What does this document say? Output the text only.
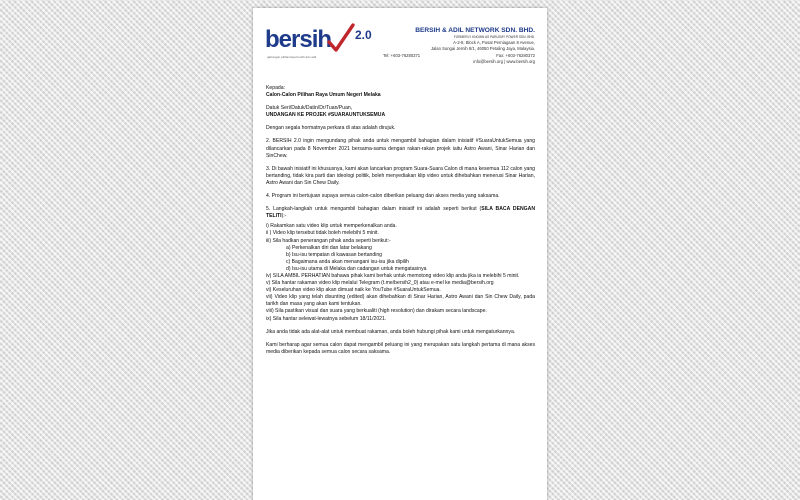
bersih 2.0
gabungan pilihanraya bersih dan adil
BERSIH & ADIL NETWORK SDN. BHD.
FORMERLY KNOWN AS PARLEMY POWER SDN. BHD.
A-2-8, Block A, Pusat Perniagaan 8 Avenue,
Jalan Sungai Jernih 8/1, 46050 Petaling Jaya, Malaysia.
Tel: +603-76280371	Fax: +603-76280372
info@bersih.org | www.bersih.org
Kepada:
Calon-Calon Pilihan Raya Umum Negeri Melaka
Datuk Seri/Datuk/Datin/Dr/Tuan/Puan,
UNDANGAN KE PROJEK #SUARAUNTUKSEMUA
Dengan segala hormatnya perkara di atas adalah dirujuk.
2. BERSIH 2.0 ingin mengundang pihak anda untuk mengambil bahagian dalam inisiatif #SuaraUntukSemua yang dilancarkan pada 8 November 2021 bersama-sama dengan rakan-rakan projek iaitu Astro Awani, Sinar Harian dan SinChew.
3. Di bawah inisiatif ini khususnya, kami akan lancarkan program Suara-Suara Calon di mana kesemua 112 calon yang bertanding, tidak kira parti dan ideologi politik, boleh menyediakan klip video untuk dihebahkan menerusi Sinar Harian, Astro Awani dan Sin Chew Daily.
4. Program ini bertujuan supaya semua calon-calon diberikan peluang dan akses media yang saksama.
5. Langkah-langkah untuk mengambil bahagian dalam inisiatif ini adalah seperti berikut (SILA BACA DENGAN TELITI):-
i) Rakamkan satu video klip untuk memperkenalkan anda.
ii ) Video klip tersebut tidak boleh melebihi 5 minit.
iii) Sila hadkan penerangan pihak anda seperti berikut:-
a) Perkenalkan diri dan latar belakang
b) Isu-isu tempatan di kawasan bertanding
c) Bagaimana anda akan menangani isu-isu jika dipilih
d) Isu-isu utama di Melaka dan cadangan untuk mengatasinya
iv) SILA AMBIL PERHATIAN bahawa pihak kami berhak untuk memotong video klip anda jika ia melebihi 5 minit.
v) Sila hantar rakaman video klip melalui Telegram (t.me/bersih2_0) atau e-mel ke media@bersih.org
vi) Keseluruhan video klip akan dimuat naik ke YouTube #SuaraUntukSemua.
vii) Video klip yang telah disunting (edited) akan dihebahkan di Sinar Harian, Astro Awani dan Sin Chew Daily, pada tarikh dan masa yang akan kami tentukan.
viii) Sila pastikan visual dan suara yang berkualiti (high resolution) dan dirakam secara landscape.
ix) Sila hantar selewat-lewatnya sebelum 18/11/2021.
Jika anda tidak ada alat-alat untuk membuat rakaman, anda boleh hubungi pihak kami untuk mengaturkannya.
Kami berharap agar semua calon dapat mengambil peluang ini yang merupakan satu langkah pertama di mana akses media diberikan kepada semua calon secara saksama.
